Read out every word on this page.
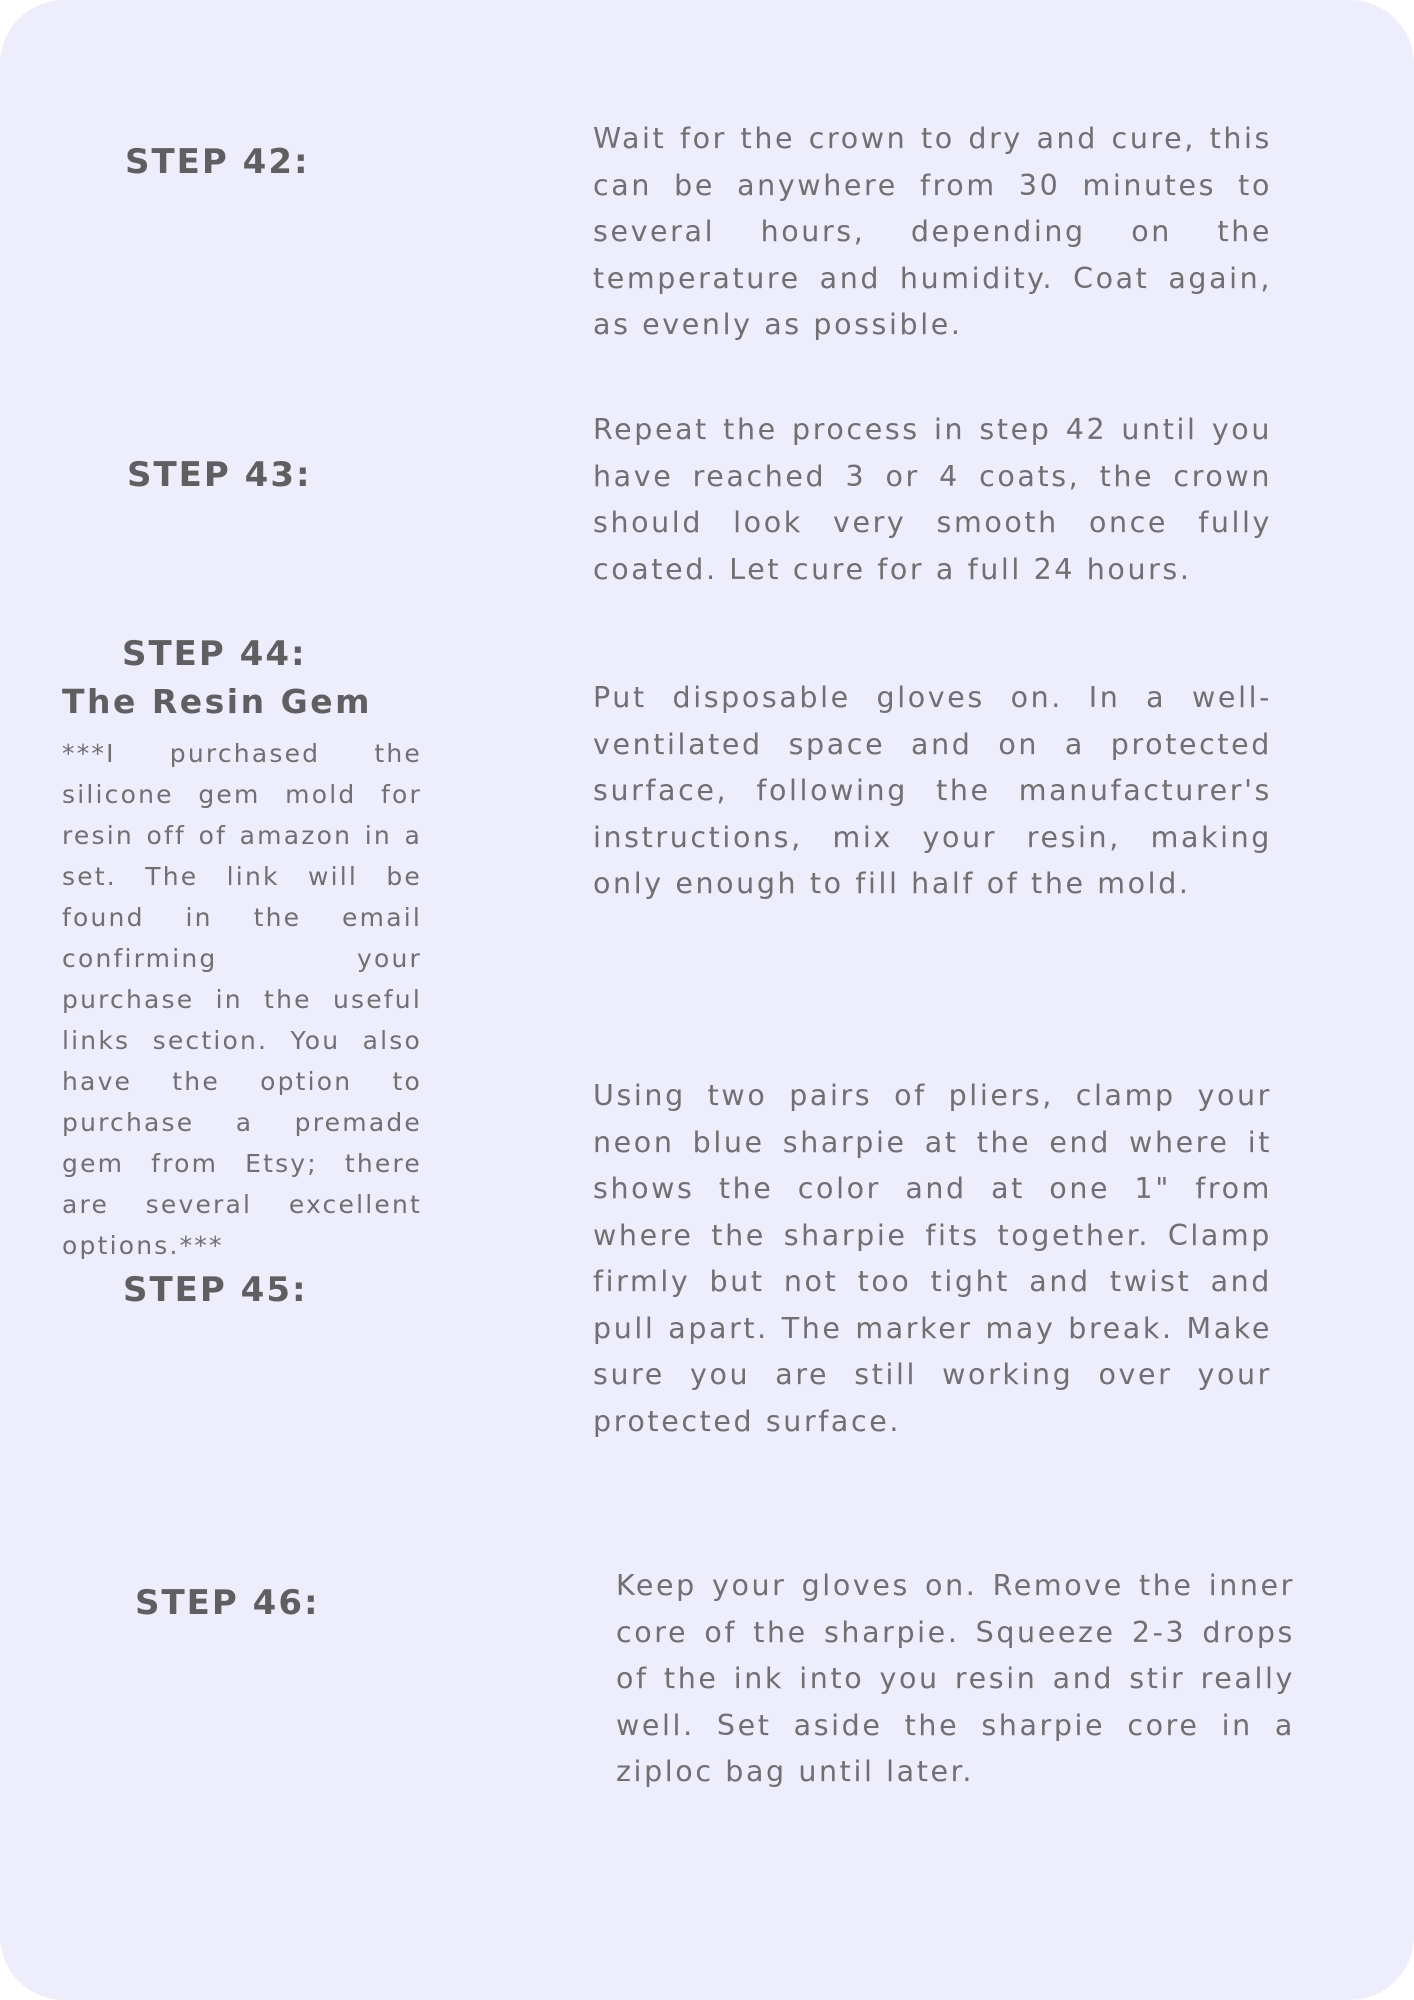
STEP 42:

Wait for the crown to dry and cure, this can be anywhere from 30 minutes to several hours, depending on the temperature and humidity. Coat again, as evenly as possible.

STEP 43:

Repeat the process in step 42 until you have reached 3 or 4 coats, the crown should look very smooth once fully coated. Let cure for a full 24 hours.

STEP 44:

Put disposable gloves on. In a well-ventilated space and on a protected surface, following the manufacturer's instructions, mix your resin, making only enough to fill half of the mold.

The Resin Gem

***I purchased the silicone gem mold for resin off of amazon in a set. The link will be found in the email confirming your purchase in the useful links section. You also have the option to purchase a premade gem from Etsy; there are several excellent options.***

STEP 45:

Using two pairs of pliers, clamp your neon blue sharpie at the end where it shows the color and at one 1" from where the sharpie fits together. Clamp firmly but not too tight and twist and pull apart. The marker may break. Make sure you are still working over your protected surface.

STEP 46:	Keep your gloves on. Remove the inner core of the sharpie. Squeeze 2-3 drops of the ink into you resin and stir really well. Set aside the sharpie core in a ziploc bag until later.
